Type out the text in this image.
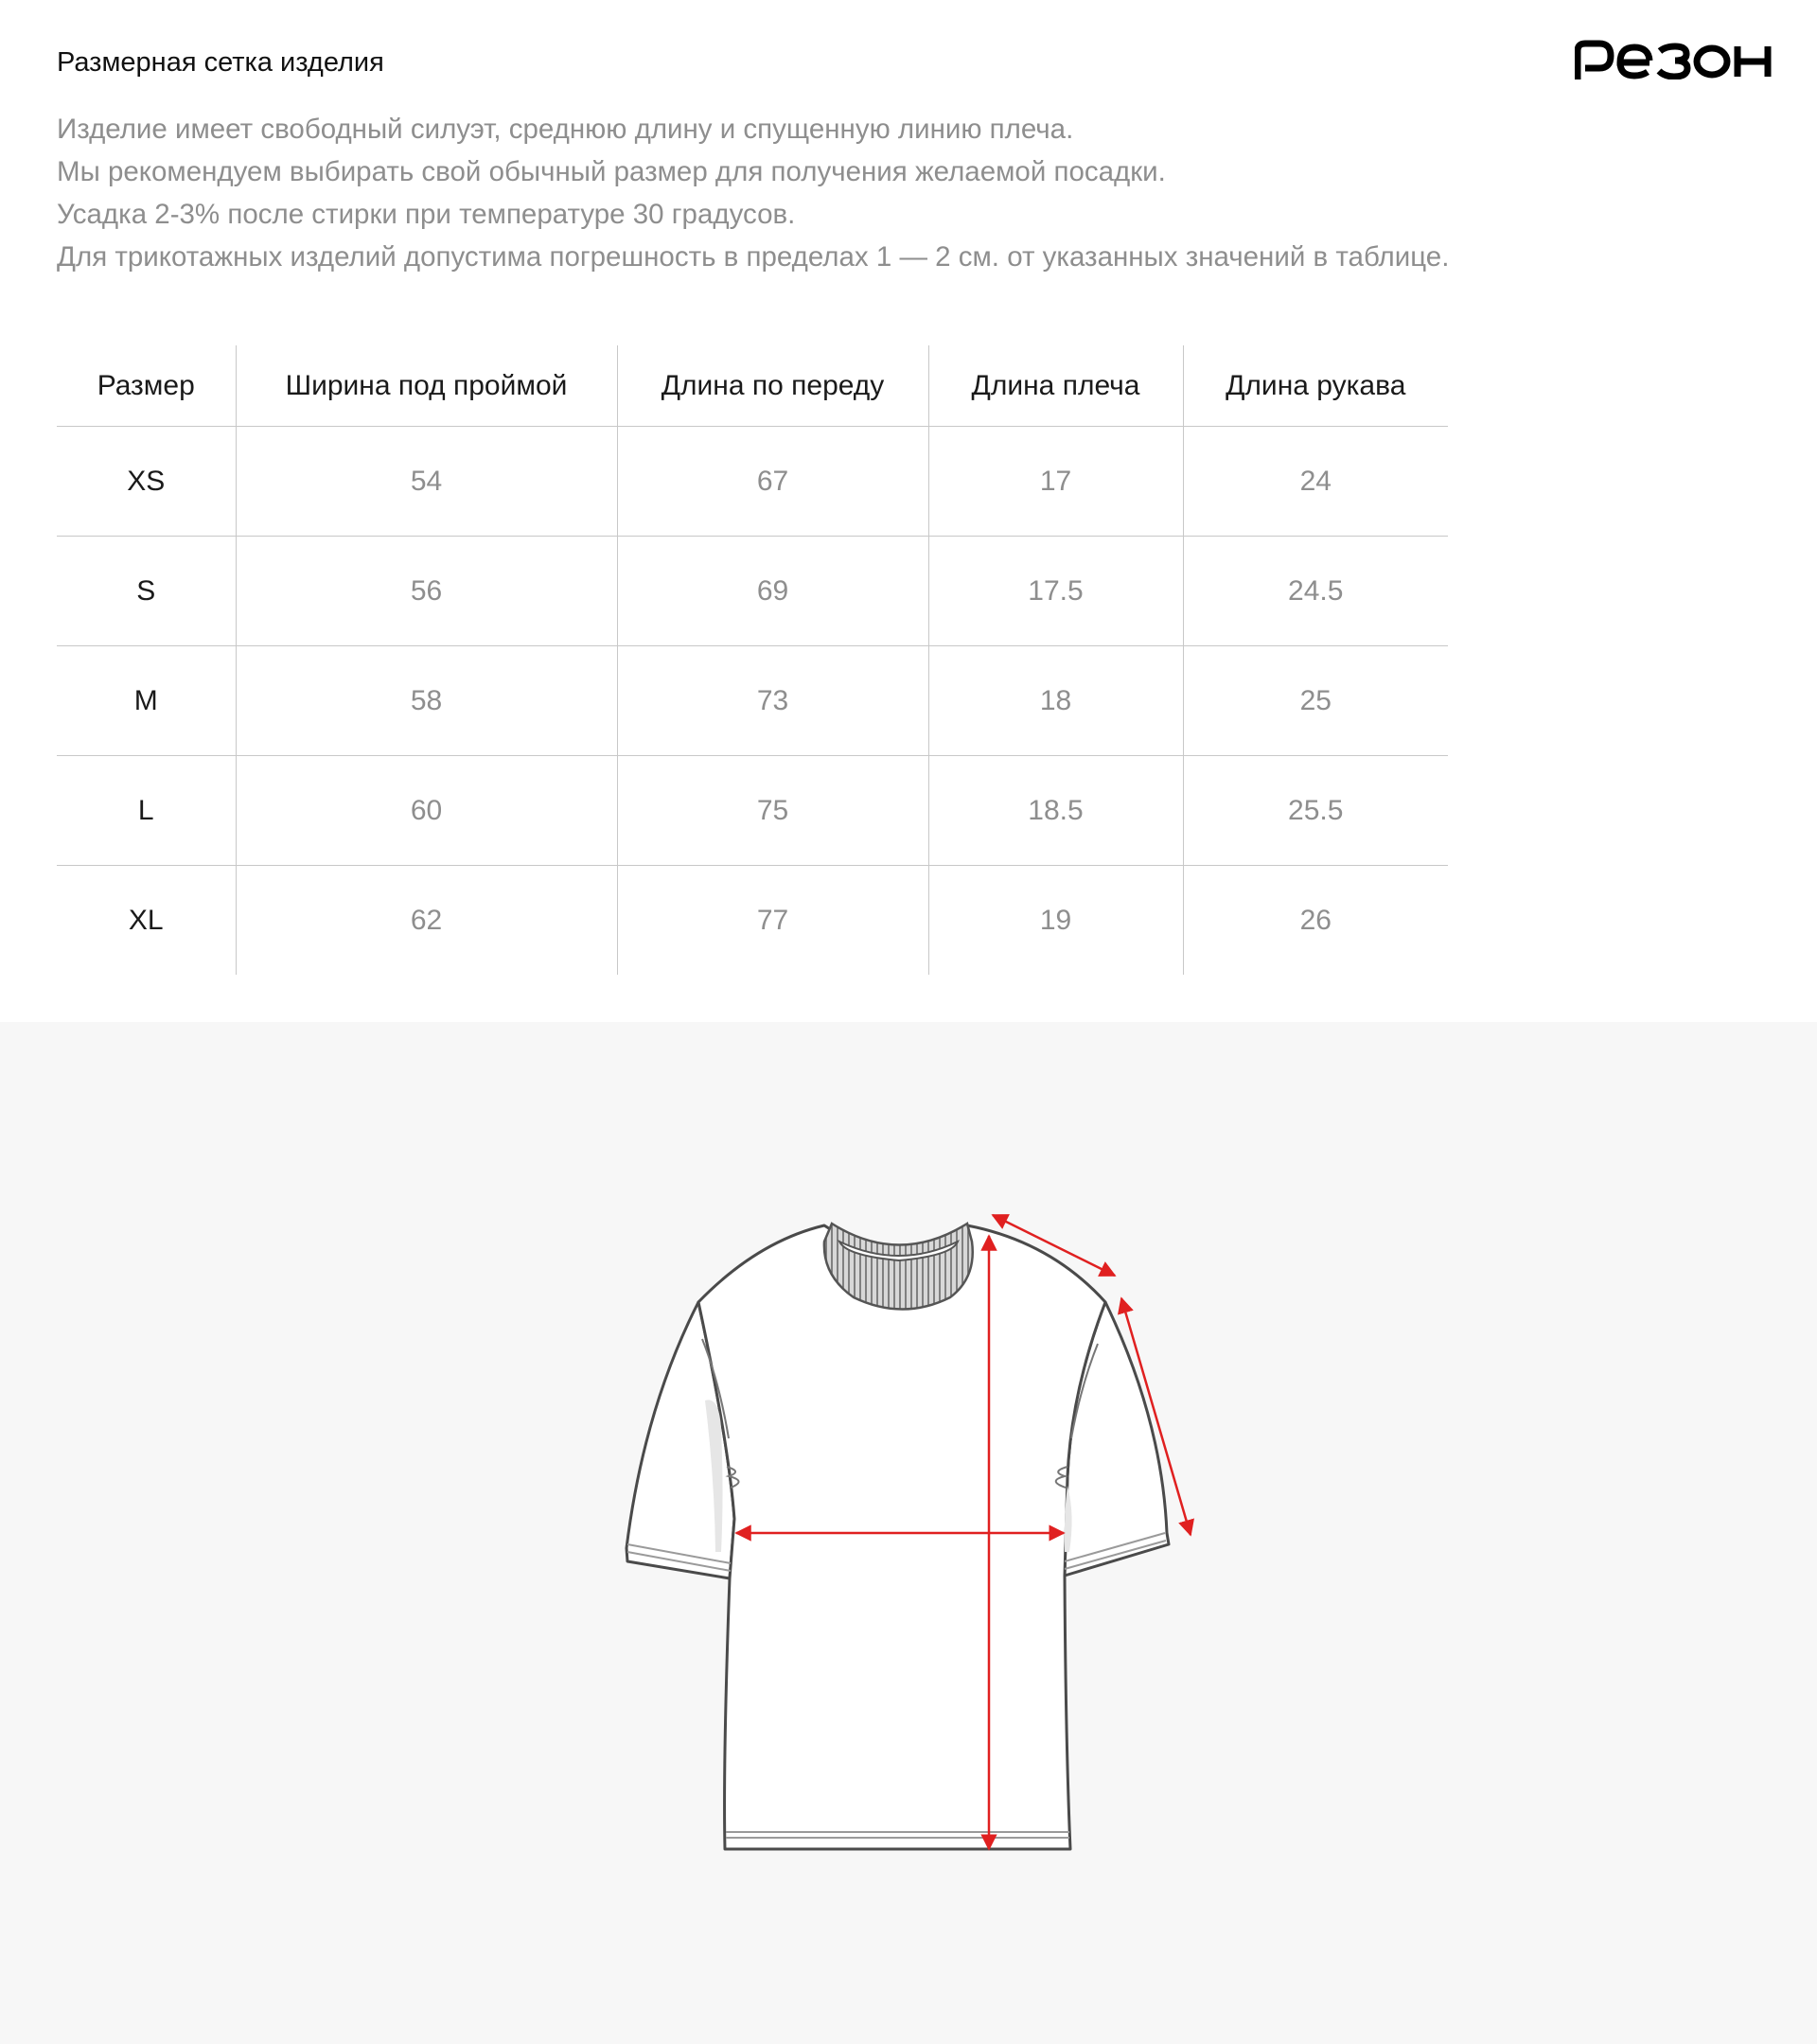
Размерная сетка изделия

Изделие имеет свободный силуэт, среднюю длину и спущенную линию плеча.

Мы рекомендуем выбирать свой обычный размер для получения желаемой посадки.

Усадка 2-3% после стирки при температуре 30 градусов.

Для трикотажных изделий допустима погрешность в пределах 1 — 2 см. от указанных значений в таблице.

Размер	Ширина под проймой	Длина по переду	Длина плеча	Длина рукава
XS	54	67	17	24
S	56	69	17.5	24.5
M	58	73	18	25
L	60	75	18.5	25.5
XL	62	77	19	26
